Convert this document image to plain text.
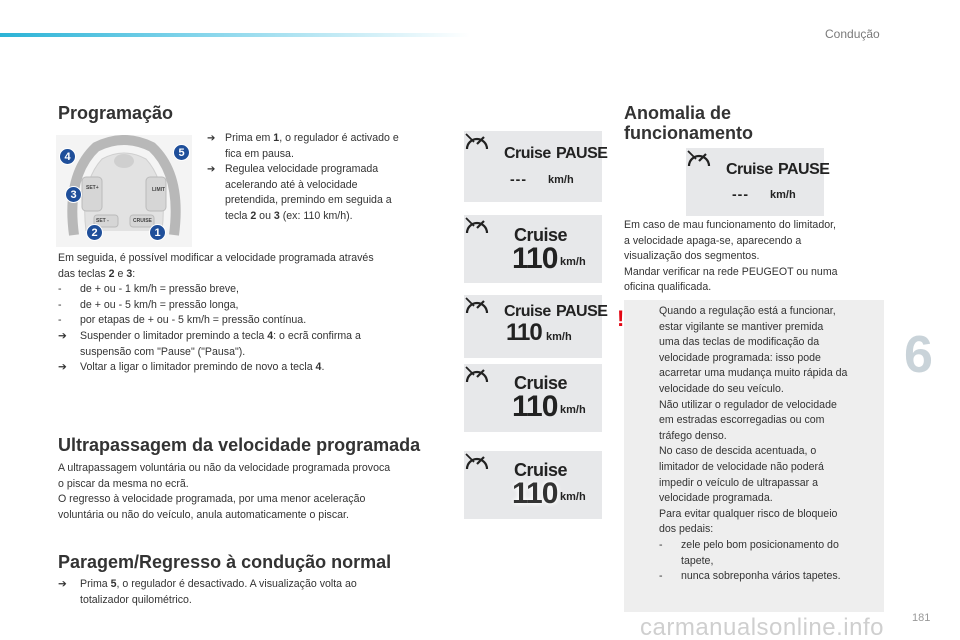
Condução
Programação
SET+
SET -	CRUISE
LIMIT
4	5
3
2	1
➔ Prima em 1, o regulador é activado e
fica em pausa.
➔ Regulea velocidade programada
acelerando até à velocidade
pretendida, premindo em seguida a
tecla 2 ou 3 (ex: 110 km/h).
Em seguida, é possível modificar a velocidade programada através
das teclas 2 e 3:
-	de + ou - 1 km/h = pressão breve,
-	de + ou - 5 km/h = pressão longa,
-	por etapas de + ou - 5 km/h = pressão contínua.
➔	Suspender o limitador premindo a tecla 4: o ecrã confirma a
suspensão com "Pause" ("Pausa").
➔	Voltar a ligar o limitador premindo de novo a tecla 4.
Ultrapassagem da velocidade programada
A ultrapassagem voluntária ou não da velocidade programada provoca
o piscar da mesma no ecrã.
O regresso à velocidade programada, por uma menor aceleração
voluntária ou não do veículo, anula automaticamente o piscar.
Paragem/Regresso à condução normal
➔	Prima 5, o regulador é desactivado. A visualização volta ao
totalizador quilométrico.
Cruise PAUSE
--- km/h
Cruise
110 km/h
Cruise PAUSE
110 km/h
Cruise
110 km/h
Cruise
110 km/h
Anomalia de
funcionamento
Cruise PAUSE
--- km/h
Em caso de mau funcionamento do limitador,
a velocidade apaga-se, aparecendo a
visualização dos segmentos.
Mandar verificar na rede PEUGEOT ou numa
oficina qualificada.
!	Quando a regulação está a funcionar,
estar vigilante se mantiver premida
uma das teclas de modificação da
velocidade programada: isso pode
acarretar uma mudança muito rápida da
velocidade do seu veículo.
Não utilizar o regulador de velocidade
em estradas escorregadias ou com
tráfego denso.
No caso de descida acentuada, o
limitador de velocidade não poderá
impedir o veículo de ultrapassar a
velocidade programada.
Para evitar qualquer risco de bloqueio
dos pedais:
-	zele pelo bom posicionamento do
tapete,
-	nunca sobreponha vários tapetes.
6
carmanualsonline.info	181
